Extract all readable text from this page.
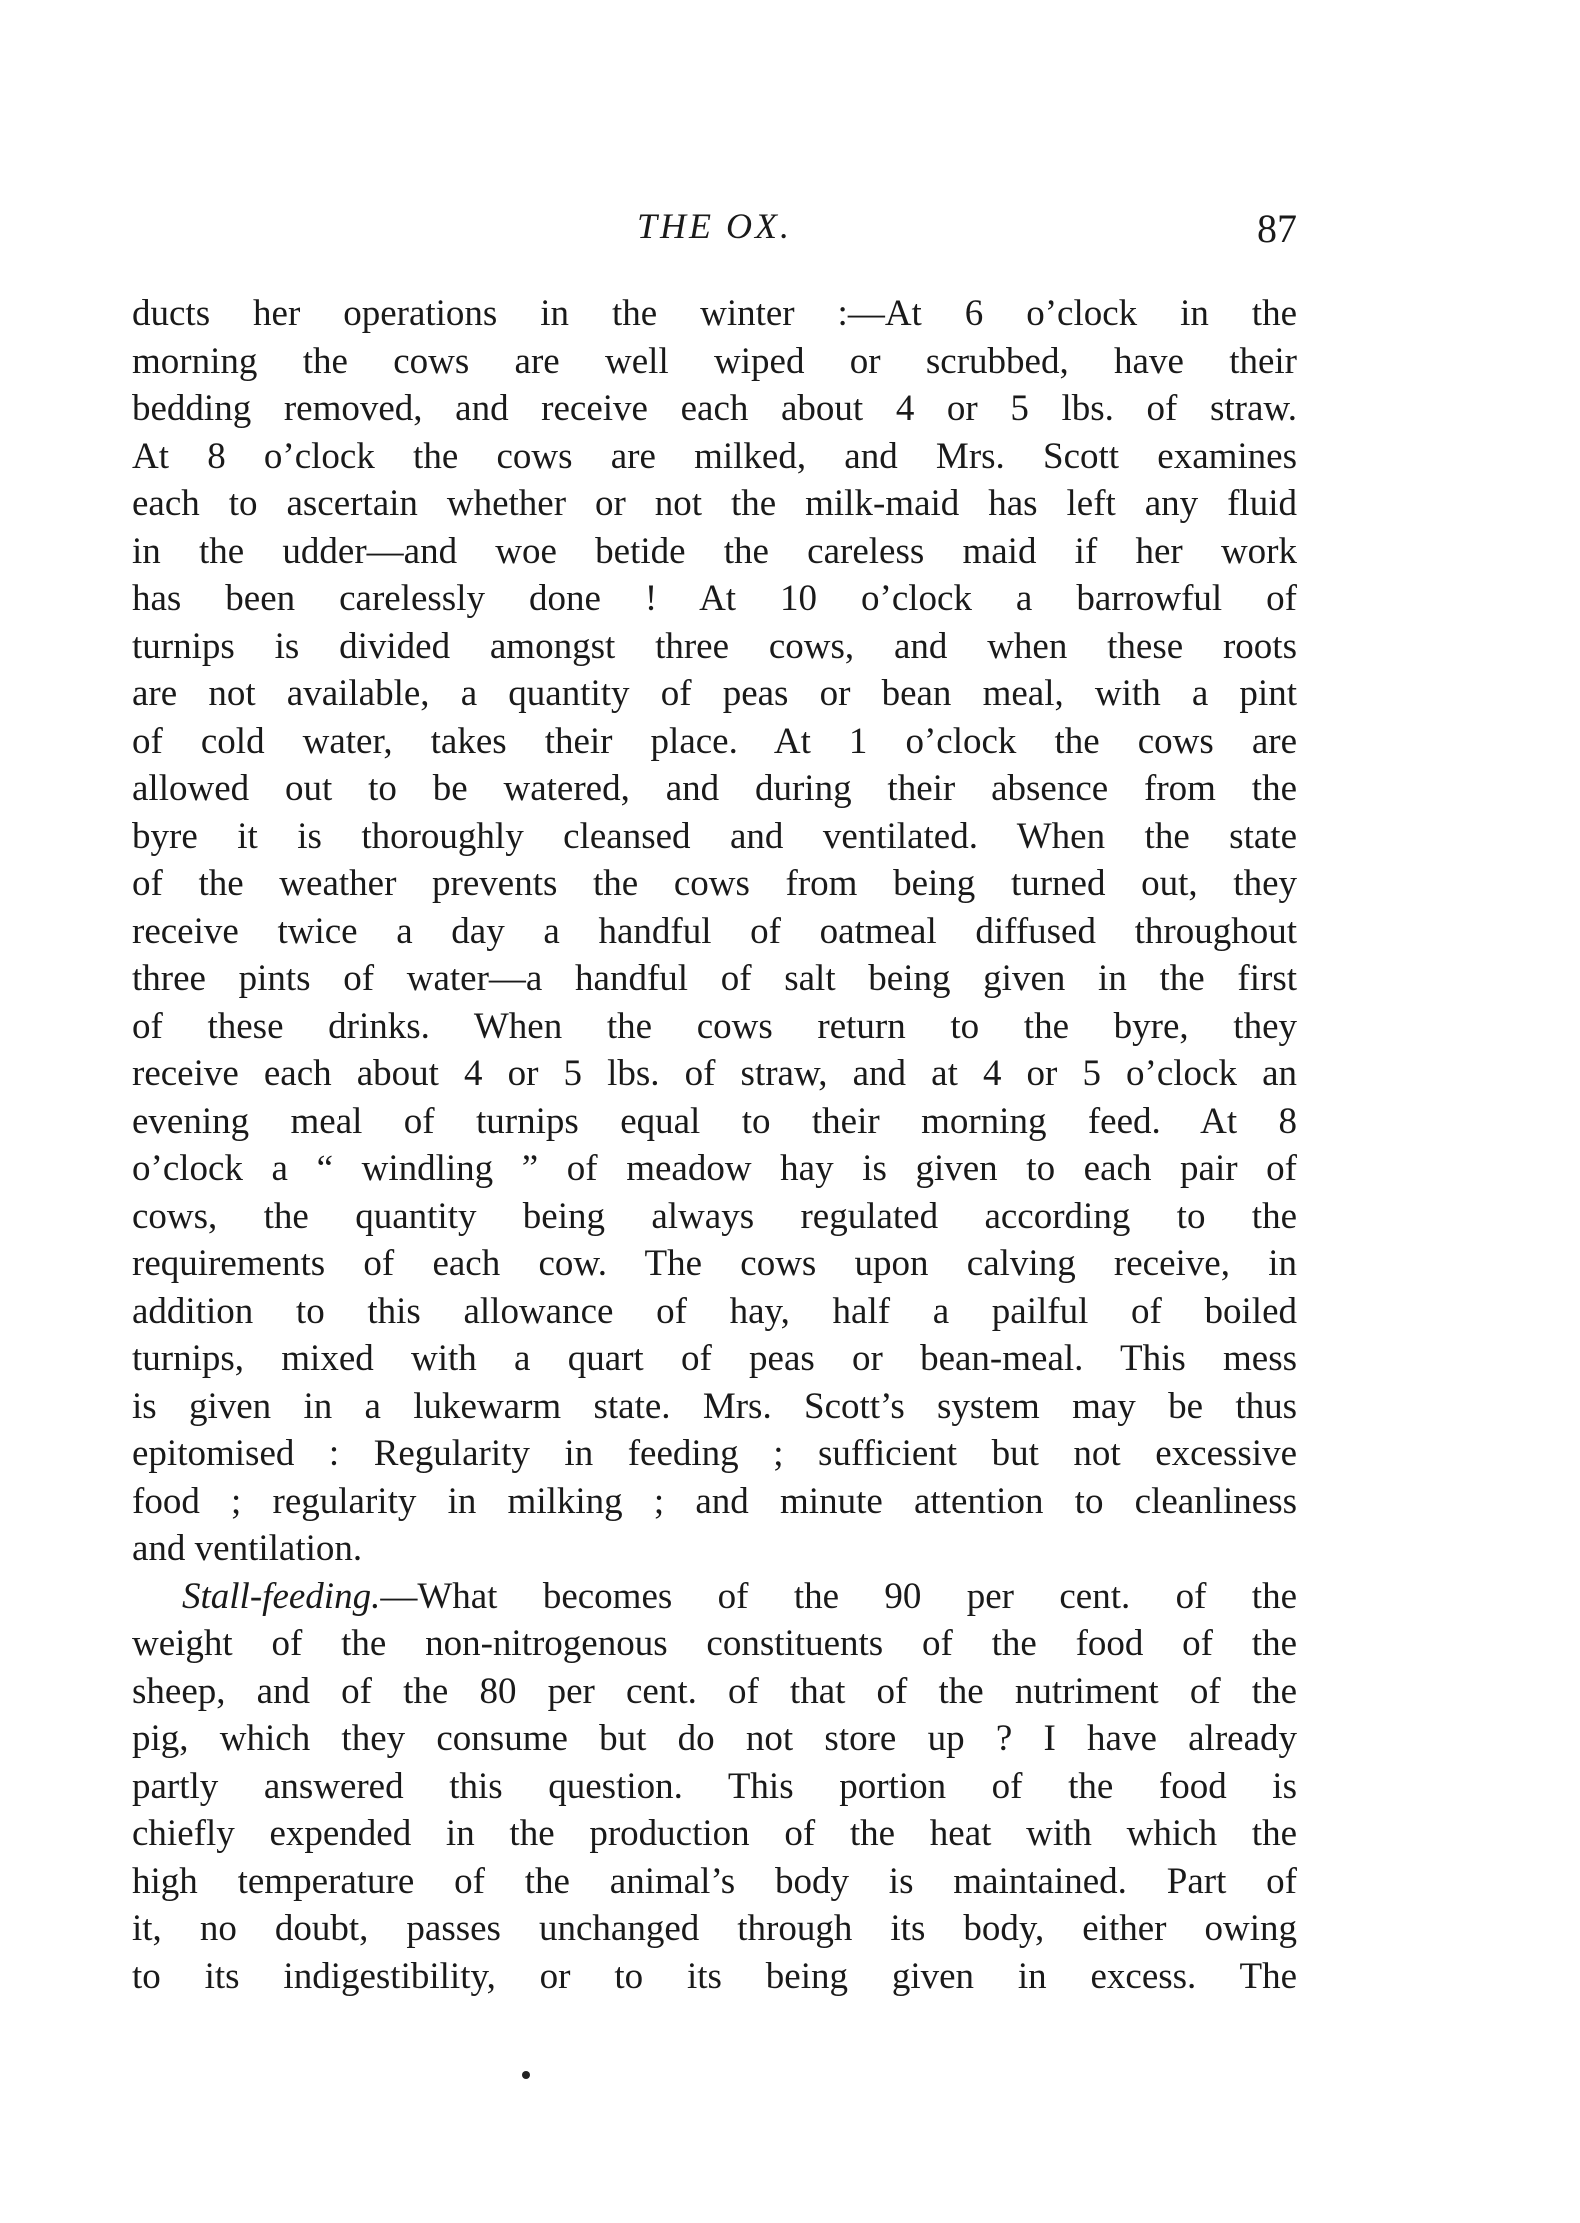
THE OX.	87
ducts her operations in the winter :—At 6 o’clock in the
morning the cows are well wiped or scrubbed, have their
bedding removed, and receive each about 4 or 5 lbs. of straw.
At 8 o’clock the cows are milked, and Mrs. Scott examines
each to ascertain whether or not the milk-maid has left any fluid
in the udder—and woe betide the careless maid if her work
has been carelessly done ! At 10 o’clock a barrowful of
turnips is divided amongst three cows, and when these roots
are not available, a quantity of peas or bean meal, with a pint
of cold water, takes their place. At 1 o’clock the cows are
allowed out to be watered, and during their absence from the
byre it is thoroughly cleansed and ventilated. When the state
of the weather prevents the cows from being turned out, they
receive twice a day a handful of oatmeal diffused throughout
three pints of water—a handful of salt being given in the first
of these drinks. When the cows return to the byre, they
receive each about 4 or 5 lbs. of straw, and at 4 or 5 o’clock an
evening meal of turnips equal to their morning feed. At 8
o’clock a “ windling ” of meadow hay is given to each pair of
cows, the quantity being always regulated according to the
requirements of each cow. The cows upon calving receive, in
addition to this allowance of hay, half a pailful of boiled
turnips, mixed with a quart of peas or bean-meal. This mess
is given in a lukewarm state. Mrs. Scott’s system may be thus
epitomised : Regularity in feeding ; sufficient but not excessive
food ; regularity in milking ; and minute attention to cleanliness
and ventilation.
Stall-feeding.—What becomes of the 90 per cent. of the
weight of the non-nitrogenous constituents of the food of the
sheep, and of the 80 per cent. of that of the nutriment of the
pig, which they consume but do not store up ? I have already
partly answered this question. This portion of the food is
chiefly expended in the production of the heat with which the
high temperature of the animal’s body is maintained. Part of
it, no doubt, passes unchanged through its body, either owing
to its indigestibility, or to its being given in excess. The
